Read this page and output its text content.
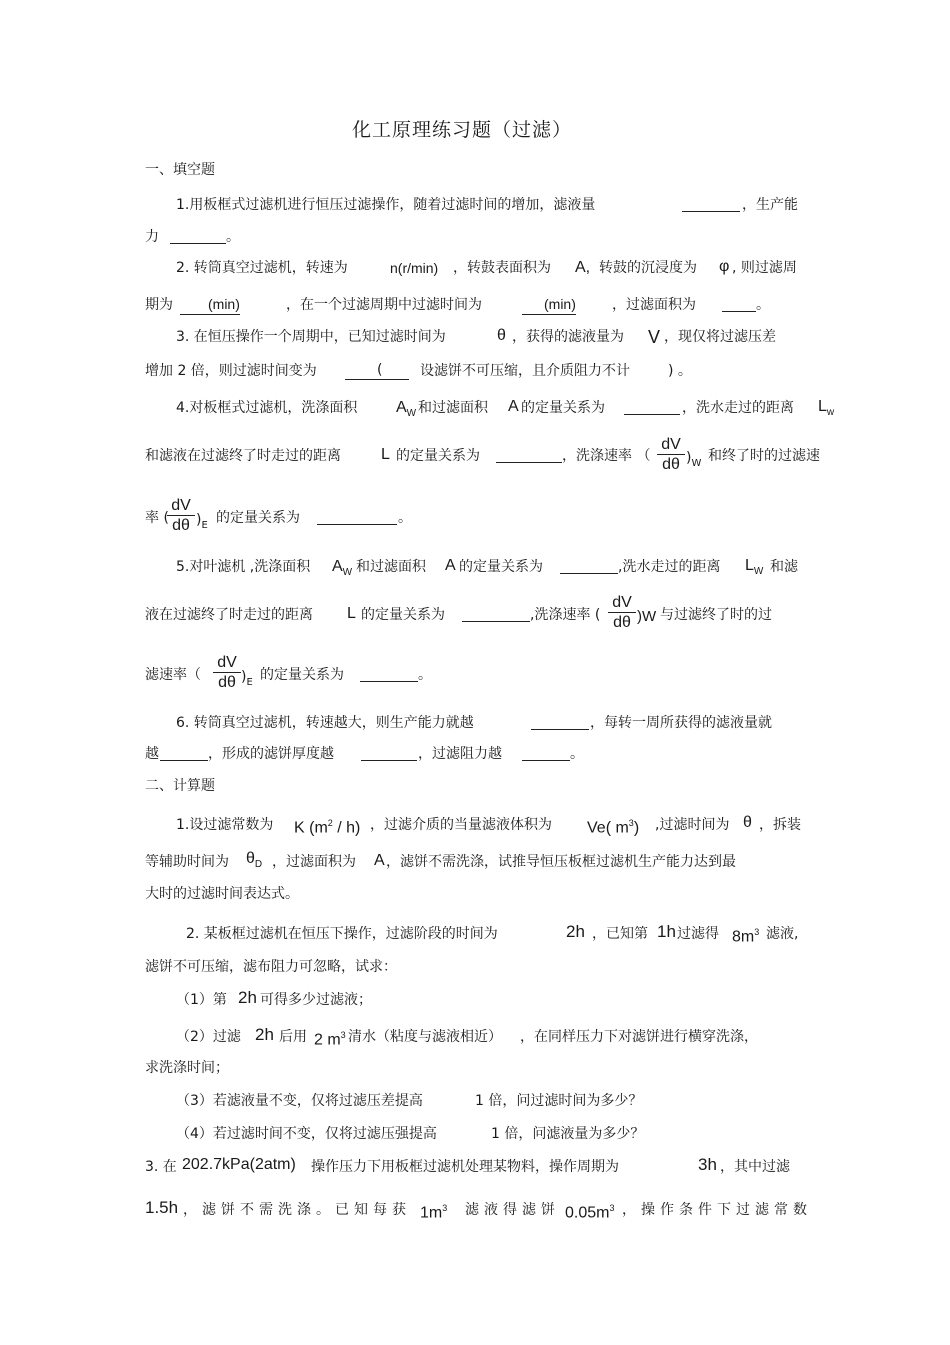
化工原理练习题（过滤）
一、填空题
1.用板框式过滤机进行恒压过滤操作，随着过滤时间的增加，滤液量	，生产能
力	。
2. 转筒真空过滤机，转速为	n(r/min) ，转鼓表面积为 A, 转鼓的沉浸度为 φ , 则过滤周
期为	(min)	，在一个过滤周期中过滤时间为	(min)	，过滤面积为	。
3. 在恒压操作一个周期中，已知过滤时间为	θ ，获得的滤液量为 V ，现仅将过滤压差
增加 2 倍，则过滤时间变为	(	设滤饼不可压缩，且介质阻力不计	) 。
4.对板框式过滤机，洗涤面积 $A_W$ 和过滤面积 A 的定量关系为	，洗水走过的距离 $L_w$
和滤液在过滤终了时走过的距离	L 的定量关系为	，洗涤速率 （ $\frac{dV}{d\theta} )_W$ 和终了时的过滤速
率 (
$\frac{dV}{d\theta} )_E$ 的定量关系为	。
5.对叶滤机 ,洗涤面积 $A_W$ 和过滤面积 A 的定量关系为	,洗水走过的距离 $L_W$ 和滤
液在过滤终了时走过的距离 L 的定量关系为	,洗涤速率 ( $\frac{dV}{d\theta} )W$ 与过滤终了时的过
滤速率（ $\frac{dV}{d\theta} )_E$ 的定量关系为	。
6. 转筒真空过滤机，转速越大，则生产能力就越	，每转一周所获得的滤液量就
越	，形成的滤饼厚度越	，过滤阻力越	。
二、计算题
1.设过滤常数为 K $(m^2 / h)$ ，过滤介质的当量滤液体积为 Ve( $m^3$) ,过滤时间为 θ ，拆装
等辅助时间为 $\theta_D$ ，过滤面积为 A ，滤饼不需洗涤，试推导恒压板框过滤机生产能力达到最
大时的过滤时间表达式。
2. 某板框过滤机在恒压下操作，过滤阶段的时间为	2h ，已知第 1h 过滤得 $8m^3$ 滤液,
滤饼不可压缩，滤布阻力可忽略，试求：
（1）第 2h 可得多少过滤液；
（2）过滤 2h 后用 2 $m^3$ 清水（粘度与滤液相近） ，在同样压力下对滤饼进行横穿洗涤，
求洗涤时间；
（3）若滤液量不变，仅将过滤压差提高	1 倍，问过滤时间为多少？
（4）若过滤时间不变，仅将过滤压强提高	1 倍，问滤液量为多少？
3. 在 202.7kPa(2atm) 操作压力下用板框过滤机处理某物料，操作周期为	3h ，其中过滤
1.5h ，滤饼不需洗涤。已知每获 $1m^3$ 滤液得滤饼 $0.05m^3$ ，操作条件下过滤常数
